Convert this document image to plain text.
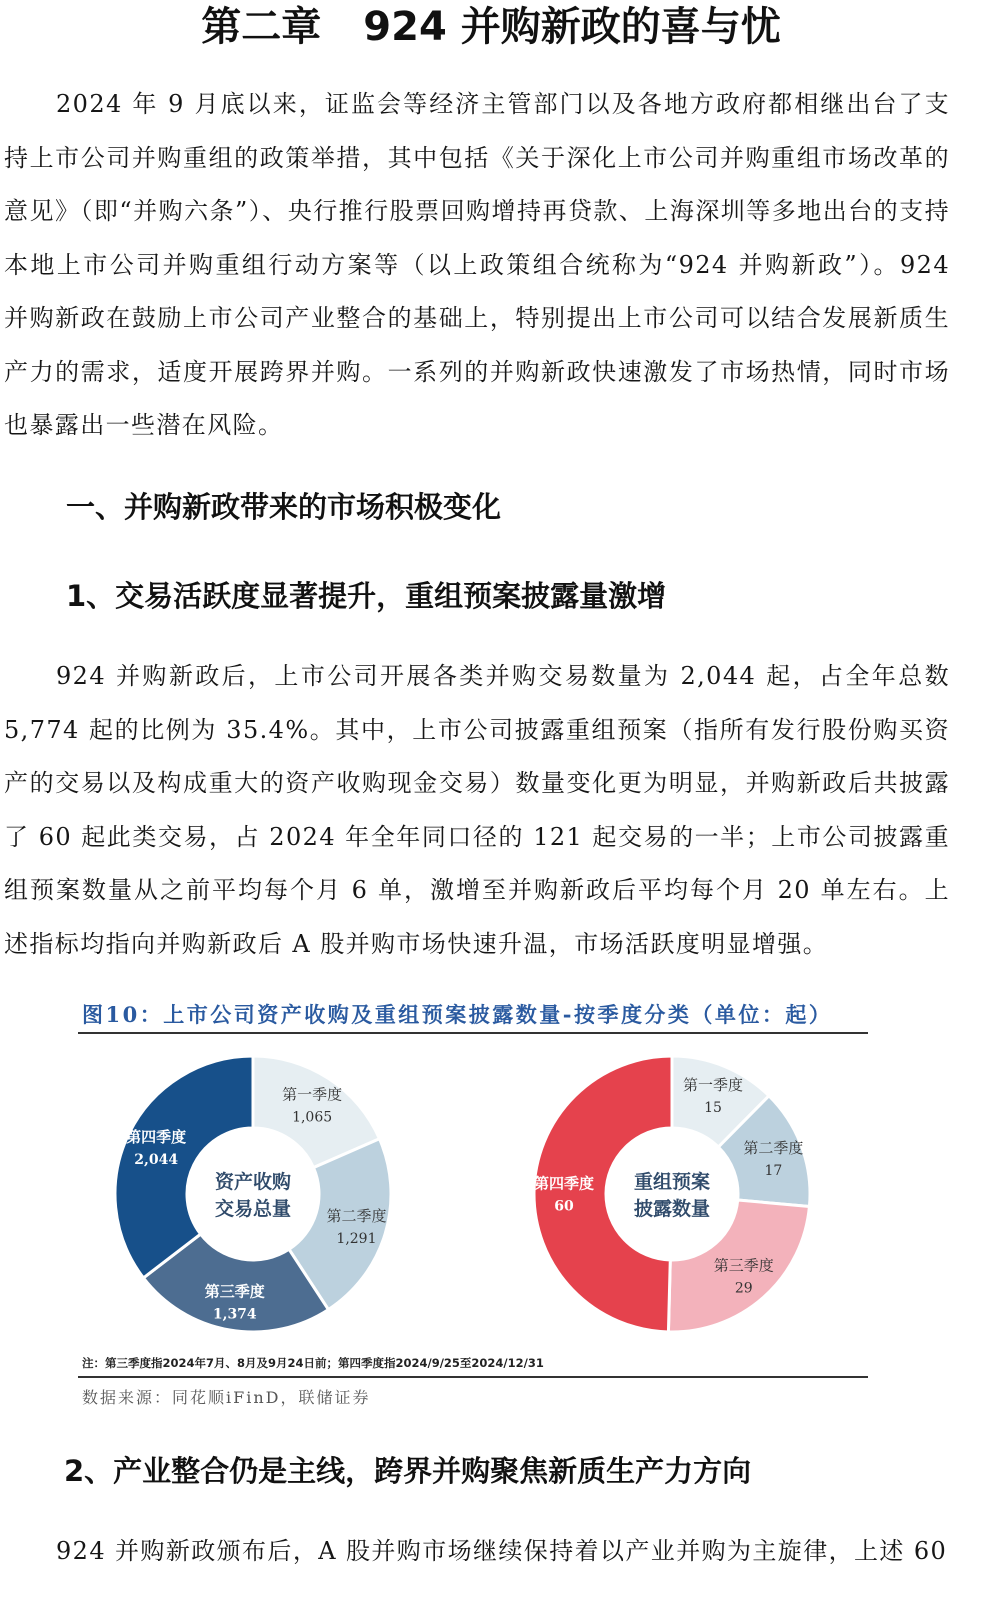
第二章 924 并购新政的喜与忧

2024 年 9 月底以来，证监会等经济主管部门以及各地方政府都相继出台了支持上市公司并购重组的政策举措，其中包括《关于深化上市公司并购重组市场改革的意见》（即“并购六条”）、央行推行股票回购增持再贷款、上海深圳等多地出台的支持本地上市公司并购重组行动方案等（以上政策组合统称为“924 并购新政”）。924 并购新政在鼓励上市公司产业整合的基础上，特别提出上市公司可以结合发展新质生产力的需求，适度开展跨界并购。一系列的并购新政快速激发了市场热情，同时市场也暴露出一些潜在风险。

一、并购新政带来的市场积极变化
1、交易活跃度显著提升，重组预案披露量激增

924 并购新政后，上市公司开展各类并购交易数量为 2,044 起，占全年总数 5,774 起的比例为 35.4%。其中，上市公司披露重组预案（指所有发行股份购买资产的交易以及构成重大的资产收购现金交易）数量变化更为明显，并购新政后共披露了 60 起此类交易，占 2024 年全年同口径的 121 起交易的一半；上市公司披露重组预案数量从之前平均每个月 6 单，激增至并购新政后平均每个月 20 单左右。上述指标均指向并购新政后 A 股并购市场快速升温，市场活跃度明显增强。

图10：上市公司资产收购及重组预案披露数量-按季度分类（单位：起）
第一季度
1,065
第二季度
1,291
第三季度
1,374
第四季度
2,044
资产收购
交易总量
第一季度
15
第二季度
17
第三季度
29
第四季度
60
重组预案
披露数量
注：第三季度指2024年7月、8月及9月24日前；第四季度指2024/9/25至2024/12/31
数据来源：同花顺iFinD，联储证券
2、产业整合仍是主线，跨界并购聚焦新质生产力方向

924 并购新政颁布后，A 股并购市场继续保持着以产业并购为主旋律，上述 60
